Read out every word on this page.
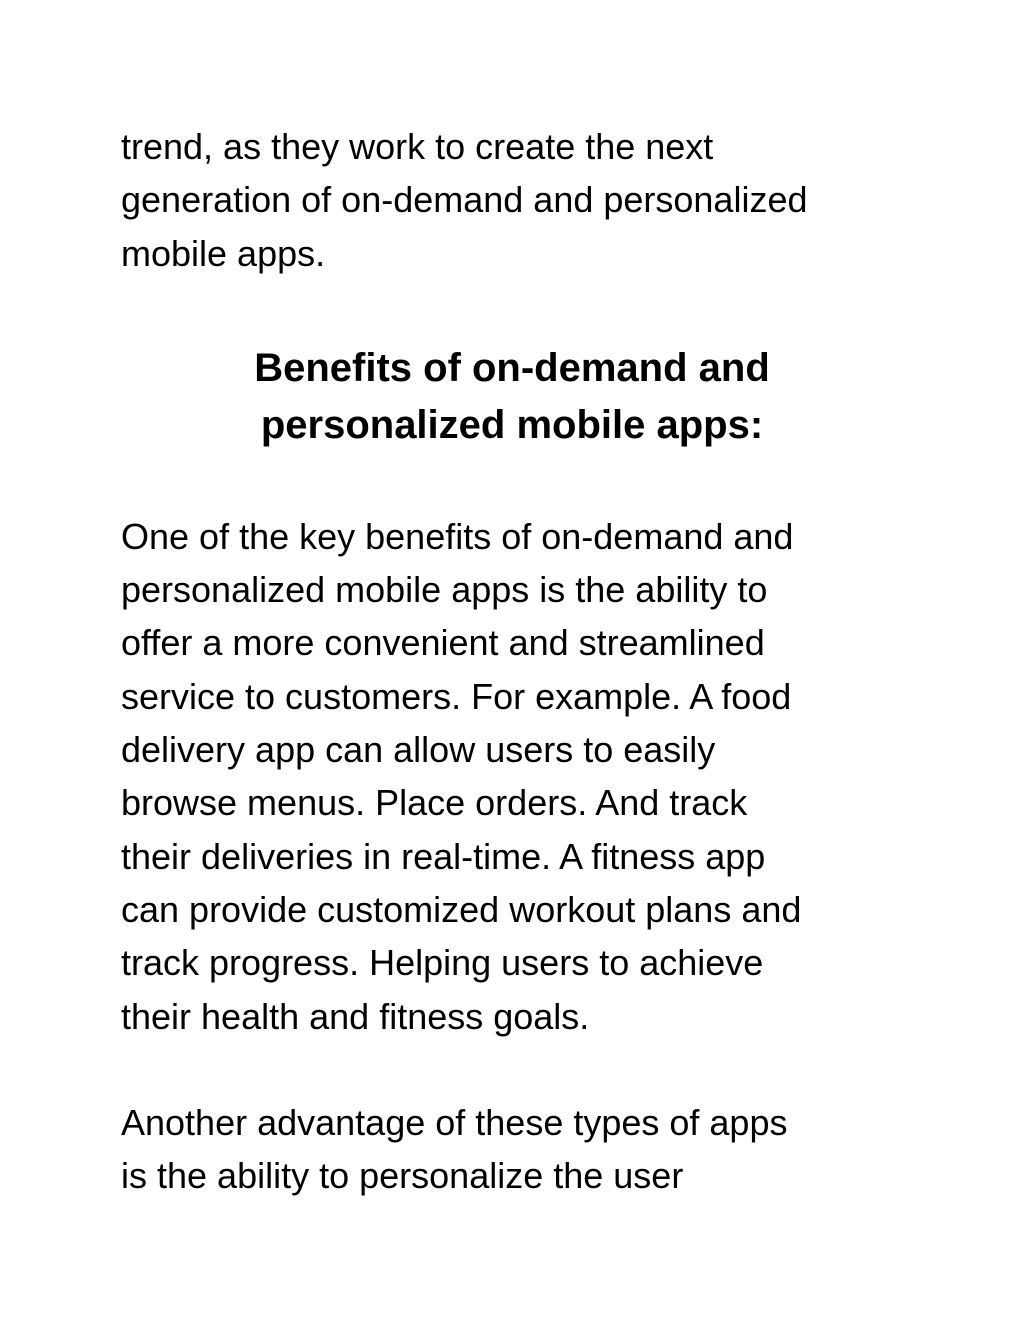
trend, as they work to create the next
generation of on-demand and personalized
mobile apps.

Benefits of on-demand and
personalized mobile apps:

One of the key benefits of on-demand and
personalized mobile apps is the ability to
offer a more convenient and streamlined
service to customers. For example. A food
delivery app can allow users to easily
browse menus. Place orders. And track
their deliveries in real-time. A fitness app
can provide customized workout plans and
track progress. Helping users to achieve
their health and fitness goals.

Another advantage of these types of apps
is the ability to personalize the user
